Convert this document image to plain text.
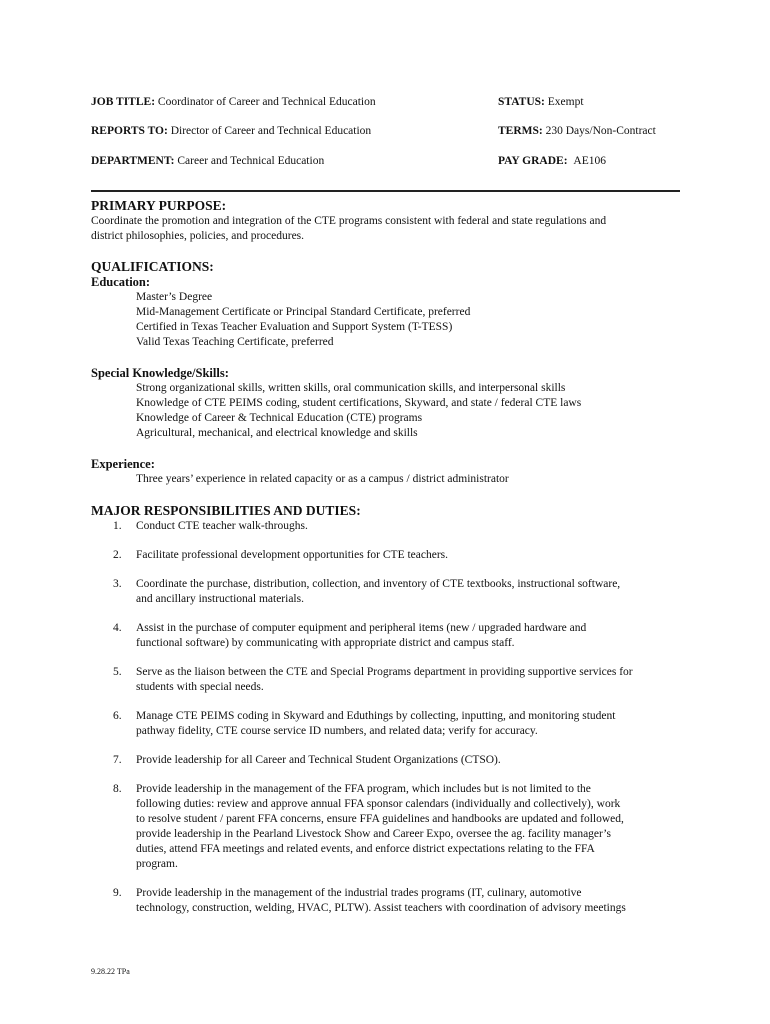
JOB TITLE: Coordinator of Career and Technical Education	STATUS: Exempt
REPORTS TO: Director of Career and Technical Education	TERMS: 230 Days/Non-Contract
DEPARTMENT: Career and Technical Education	PAY GRADE: AE106
PRIMARY PURPOSE:
Coordinate the promotion and integration of the CTE programs consistent with federal and state regulations and
district philosophies, policies, and procedures.
QUALIFICATIONS:
Education:
Master’s Degree
Mid-Management Certificate or Principal Standard Certificate, preferred
Certified in Texas Teacher Evaluation and Support System (T-TESS)
Valid Texas Teaching Certificate, preferred
Special Knowledge/Skills:
Strong organizational skills, written skills, oral communication skills, and interpersonal skills
Knowledge of CTE PEIMS coding, student certifications, Skyward, and state / federal CTE laws
Knowledge of Career & Technical Education (CTE) programs
Agricultural, mechanical, and electrical knowledge and skills
Experience:
Three years’ experience in related capacity or as a campus / district administrator
MAJOR RESPONSIBILITIES AND DUTIES:
1. Conduct CTE teacher walk-throughs.
2. Facilitate professional development opportunities for CTE teachers.
3. Coordinate the purchase, distribution, collection, and inventory of CTE textbooks, instructional software,
and ancillary instructional materials.
4. Assist in the purchase of computer equipment and peripheral items (new / upgraded hardware and
functional software) by communicating with appropriate district and campus staff.
5. Serve as the liaison between the CTE and Special Programs department in providing supportive services for
students with special needs.
6. Manage CTE PEIMS coding in Skyward and Eduthings by collecting, inputting, and monitoring student
pathway fidelity, CTE course service ID numbers, and related data; verify for accuracy.
7. Provide leadership for all Career and Technical Student Organizations (CTSO).
8. Provide leadership in the management of the FFA program, which includes but is not limited to the
following duties: review and approve annual FFA sponsor calendars (individually and collectively), work
to resolve student / parent FFA concerns, ensure FFA guidelines and handbooks are updated and followed,
provide leadership in the Pearland Livestock Show and Career Expo, oversee the ag. facility manager’s
duties, attend FFA meetings and related events, and enforce district expectations relating to the FFA
program.
9. Provide leadership in the management of the industrial trades programs (IT, culinary, automotive
technology, construction, welding, HVAC, PLTW). Assist teachers with coordination of advisory meetings
9.28.22 TPa
